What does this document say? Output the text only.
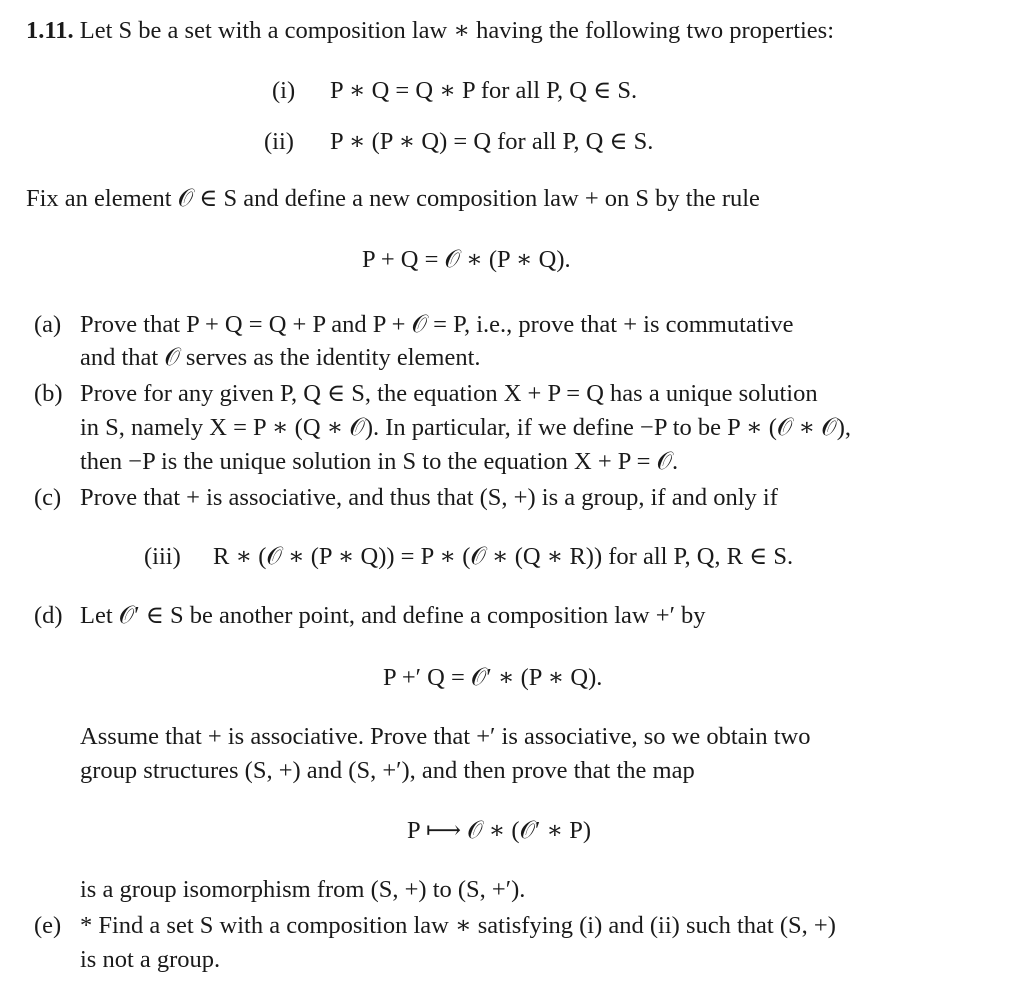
1.11. Let S be a set with a composition law ∗ having the following two properties:
(i) P ∗ Q = Q ∗ P for all P, Q ∈ S.
(ii) P ∗ (P ∗ Q) = Q for all P, Q ∈ S.
Fix an element 𝒪 ∈ S and define a new composition law + on S by the rule
P + Q = 𝒪 ∗ (P ∗ Q).
(a) Prove that P + Q = Q + P and P + 𝒪 = P, i.e., prove that + is commutative
and that 𝒪 serves as the identity element.
(b) Prove for any given P, Q ∈ S, the equation X + P = Q has a unique solution
in S, namely X = P ∗ (Q ∗ 𝒪). In particular, if we define −P to be P ∗ (𝒪 ∗ 𝒪),
then −P is the unique solution in S to the equation X + P = 𝒪.
(c) Prove that + is associative, and thus that (S, +) is a group, if and only if
(iii) R ∗ (𝒪 ∗ (P ∗ Q)) = P ∗ (𝒪 ∗ (Q ∗ R)) for all P, Q, R ∈ S.
(d) Let 𝒪′ ∈ S be another point, and define a composition law +′ by
P +′ Q = 𝒪′ ∗ (P ∗ Q).
Assume that + is associative. Prove that +′ is associative, so we obtain two
group structures (S, +) and (S, +′), and then prove that the map
P ⟼ 𝒪 ∗ (𝒪′ ∗ P)
is a group isomorphism from (S, +) to (S, +′).
(e) * Find a set S with a composition law ∗ satisfying (i) and (ii) such that (S, +)
is not a group.
